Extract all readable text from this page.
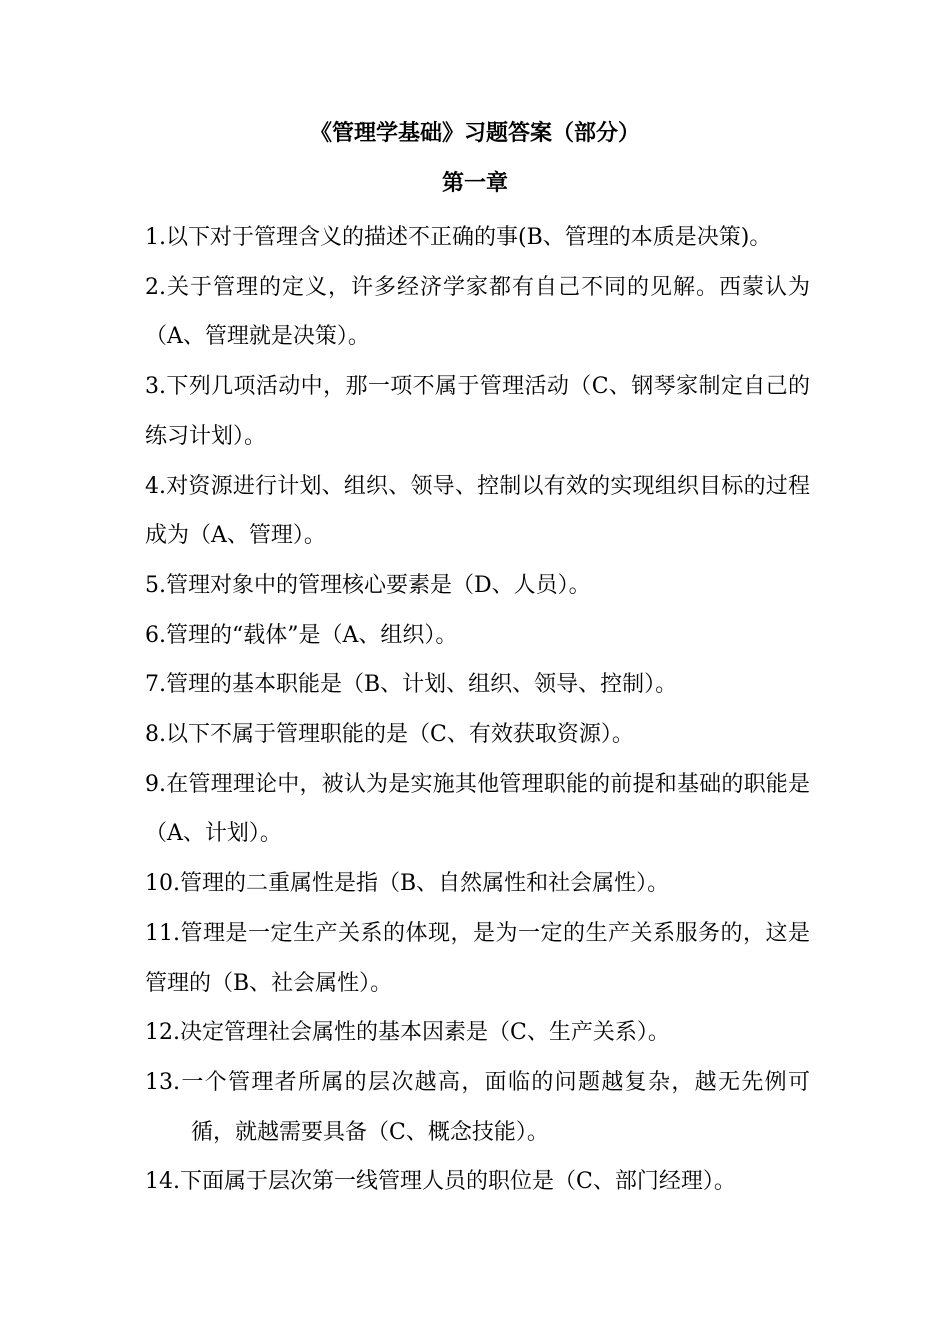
《管理学基础》习题答案（部分）
第一章

1.以下对于管理含义的描述不正确的事(B、管理的本质是决策)。

2.关于管理的定义，许多经济学家都有自己不同的见解。西蒙认为（A、管理就是决策）。

3.下列几项活动中，那一项不属于管理活动（C、钢琴家制定自己的练习计划）。

4.对资源进行计划、组织、领导、控制以有效的实现组织目标的过程成为（A、管理）。

5.管理对象中的管理核心要素是（D、人员）。

6.管理的“载体”是（A、组织）。

7.管理的基本职能是（B、计划、组织、领导、控制）。

8.以下不属于管理职能的是（C、有效获取资源）。

9.在管理理论中，被认为是实施其他管理职能的前提和基础的职能是（A、计划）。

10.管理的二重属性是指（B、自然属性和社会属性）。

11.管理是一定生产关系的体现，是为一定的生产关系服务的，这是管理的（B、社会属性）。

12.决定管理社会属性的基本因素是（C、生产关系）。

13.一个管理者所属的层次越高，面临的问题越复杂，越无先例可循，就越需要具备（C、概念技能）。

14.下面属于层次第一线管理人员的职位是（C、部门经理）。
